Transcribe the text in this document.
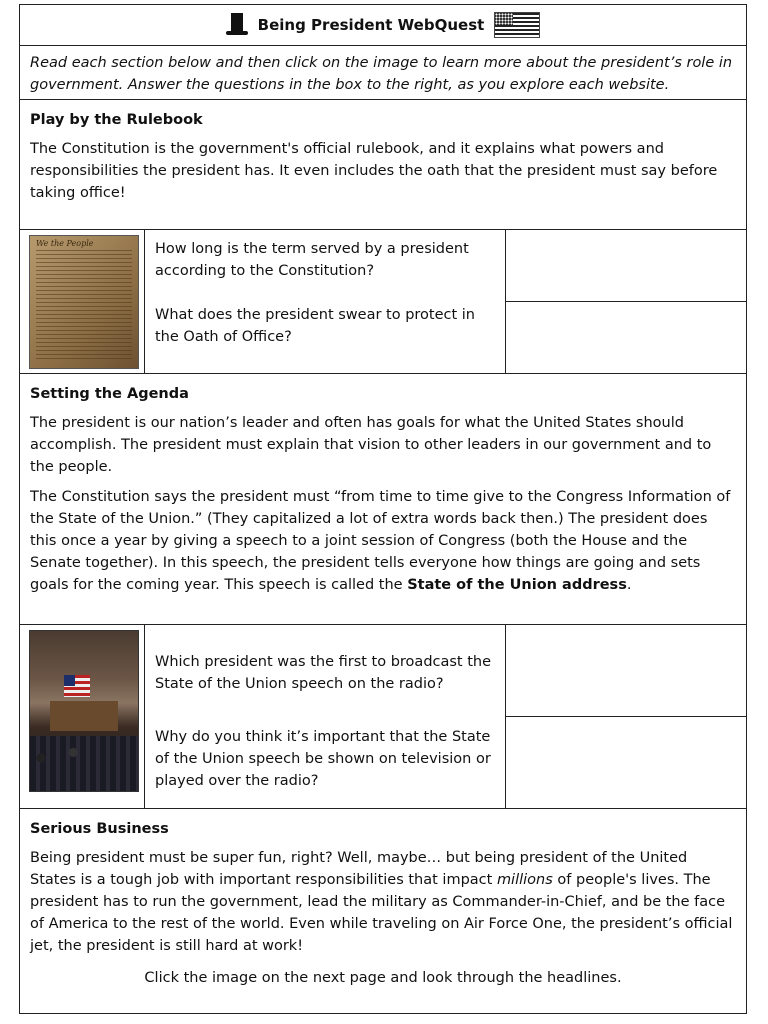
Being President WebQuest
Read each section below and then click on the image to learn more about the president’s role in government. Answer the questions in the box to the right, as you explore each website.
Play by the Rulebook

The Constitution is the government's official rulebook, and it explains what powers and responsibilities the president has. It even includes the oath that the president must say before taking office!

We the People	How long is the term served by a president according to the Constitution?

What does the president swear to protect in the Oath of Office?

Setting the Agenda

The president is our nation’s leader and often has goals for what the United States should accomplish. The president must explain that vision to other leaders in our government and to the people.

The Constitution says the president must “from time to time give to the Congress Information of the State of the Union.” (They capitalized a lot of extra words back then.) The president does this once a year by giving a speech to a joint session of Congress (both the House and the Senate together). In this speech, the president tells everyone how things are going and sets goals for the coming year. This speech is called the State of the Union address.

Which president was the first to broadcast the State of the Union speech on the radio?

Why do you think it’s important that the State of the Union speech be shown on television or played over the radio?

Serious Business

Being president must be super fun, right? Well, maybe… but being president of the United States is a tough job with important responsibilities that impact millions of people's lives. The president has to run the government, lead the military as Commander-in-Chief, and be the face of America to the rest of the world. Even while traveling on Air Force One, the president’s official jet, the president is still hard at work!

Click the image on the next page and look through the headlines.
